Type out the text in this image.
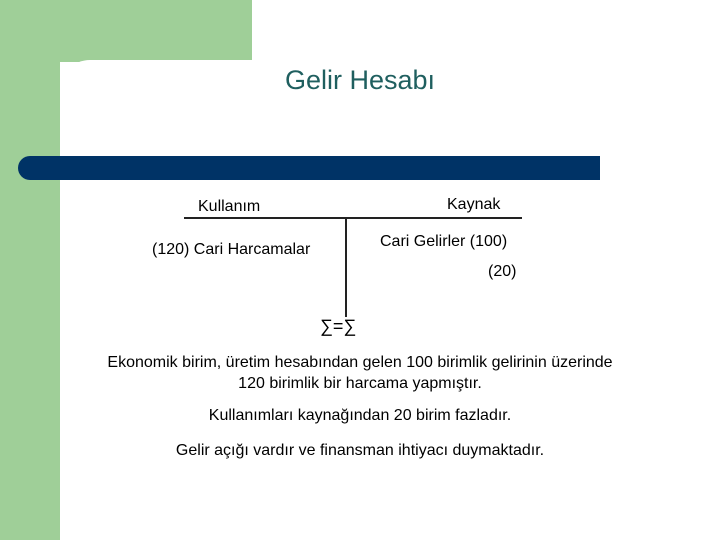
Gelir Hesabı
Kullanım	Kaynak
(120) Cari Harcamalar	Cari Gelirler (100)
(20)
∑=∑
Ekonomik birim, üretim hesabından gelen 100 birimlik gelirinin üzerinde 120 birimlik bir harcama yapmıştır.
Kullanımları kaynağından 20 birim fazladır.
Gelir açığı vardır ve finansman ihtiyacı duymaktadır.
